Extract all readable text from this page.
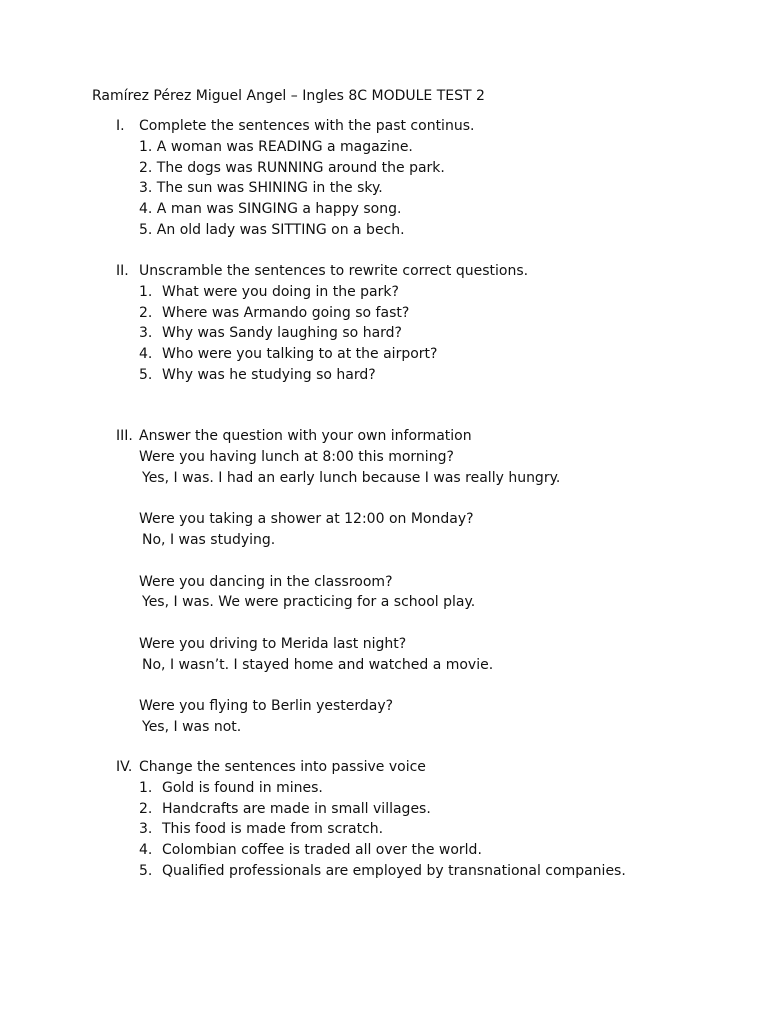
Ramírez Pérez Miguel Angel – Ingles 8C MODULE TEST 2
I. Complete the sentences with the past continus.
1. A woman was READING a magazine.
2. The dogs was RUNNING around the park.
3. The sun was SHINING in the sky.
4. A man was SINGING a happy song.
5. An old lady was SITTING on a bech.
II. Unscramble the sentences to rewrite correct questions.
1. What were you doing in the park?
2. Where was Armando going so fast?
3. Why was Sandy laughing so hard?
4. Who were you talking to at the airport?
5. Why was he studying so hard?
III. Answer the question with your own information
Were you having lunch at 8:00 this morning?
Yes, I was. I had an early lunch because I was really hungry.
Were you taking a shower at 12:00 on Monday?
No, I was studying.
Were you dancing in the classroom?
Yes, I was. We were practicing for a school play.
Were you driving to Merida last night?
No, I wasn’t. I stayed home and watched a movie.
Were you flying to Berlin yesterday?
Yes, I was not.
IV. Change the sentences into passive voice
1. Gold is found in mines.
2. Handcrafts are made in small villages.
3. This food is made from scratch.
4. Colombian coffee is traded all over the world.
5. Qualified professionals are employed by transnational companies.
